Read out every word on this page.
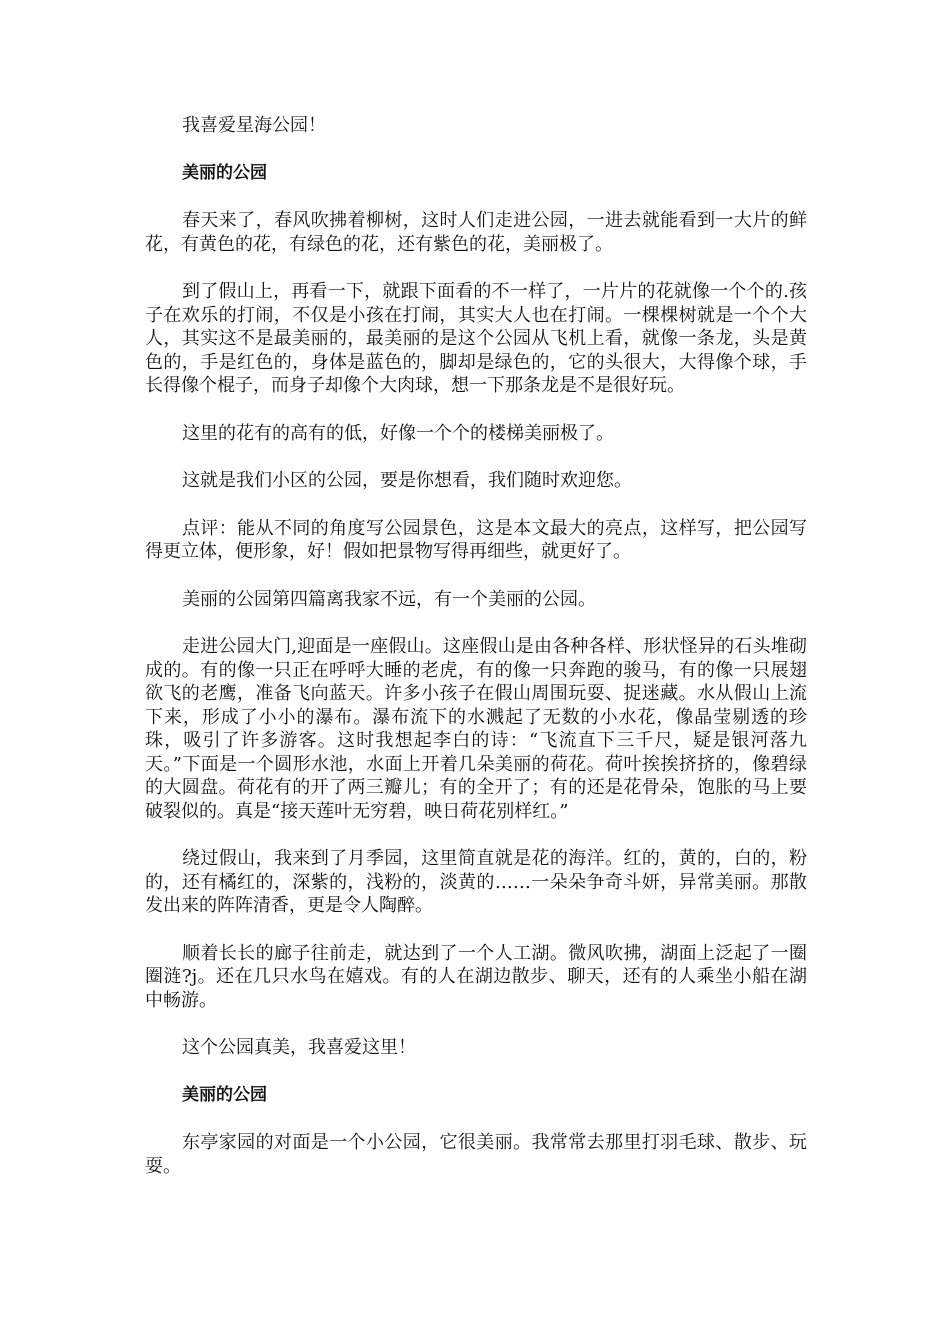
我喜爱星海公园！

美丽的公园

春天来了，春风吹拂着柳树，这时人们走进公园，一进去就能看到一大片的鲜花，有黄色的花，有绿色的花，还有紫色的花，美丽极了。

到了假山上，再看一下，就跟下面看的不一样了，一片片的花就像一个个的.孩子在欢乐的打闹，不仅是小孩在打闹，其实大人也在打闹。一棵棵树就是一个个大人，其实这不是最美丽的，最美丽的是这个公园从飞机上看，就像一条龙，头是黄色的，手是红色的，身体是蓝色的，脚却是绿色的，它的头很大，大得像个球，手长得像个棍子，而身子却像个大肉球，想一下那条龙是不是很好玩。

这里的花有的高有的低，好像一个个的楼梯美丽极了。

这就是我们小区的公园，要是你想看，我们随时欢迎您。

点评：能从不同的角度写公园景色，这是本文最大的亮点，这样写，把公园写得更立体，便形象，好！假如把景物写得再细些，就更好了。

美丽的公园第四篇离我家不远，有一个美丽的公园。

走进公园大门,迎面是一座假山。这座假山是由各种各样、形状怪异的石头堆砌成的。有的像一只正在呼呼大睡的老虎，有的像一只奔跑的骏马，有的像一只展翅欲飞的老鹰，准备飞向蓝天。许多小孩子在假山周围玩耍、捉迷藏。水从假山上流下来，形成了小小的瀑布。瀑布流下的水溅起了无数的小水花，像晶莹剔透的珍珠，吸引了许多游客。这时我想起李白的诗：“飞流直下三千尺，疑是银河落九天。”下面是一个圆形水池，水面上开着几朵美丽的荷花。荷叶挨挨挤挤的，像碧绿的大圆盘。荷花有的开了两三瓣儿；有的全开了；有的还是花骨朵，饱胀的马上要破裂似的。真是“接天莲叶无穷碧，映日荷花别样红。”

绕过假山，我来到了月季园，这里简直就是花的海洋。红的，黄的，白的，粉的，还有橘红的，深紫的，浅粉的，淡黄的……一朵朵争奇斗妍，异常美丽。那散发出来的阵阵清香，更是令人陶醉。

顺着长长的廊子往前走，就达到了一个人工湖。微风吹拂，湖面上泛起了一圈圈涟?j。还在几只水鸟在嬉戏。有的人在湖边散步、聊天，还有的人乘坐小船在湖中畅游。

这个公园真美，我喜爱这里！

美丽的公园

东亭家园的对面是一个小公园，它很美丽。我常常去那里打羽毛球、散步、玩耍。
